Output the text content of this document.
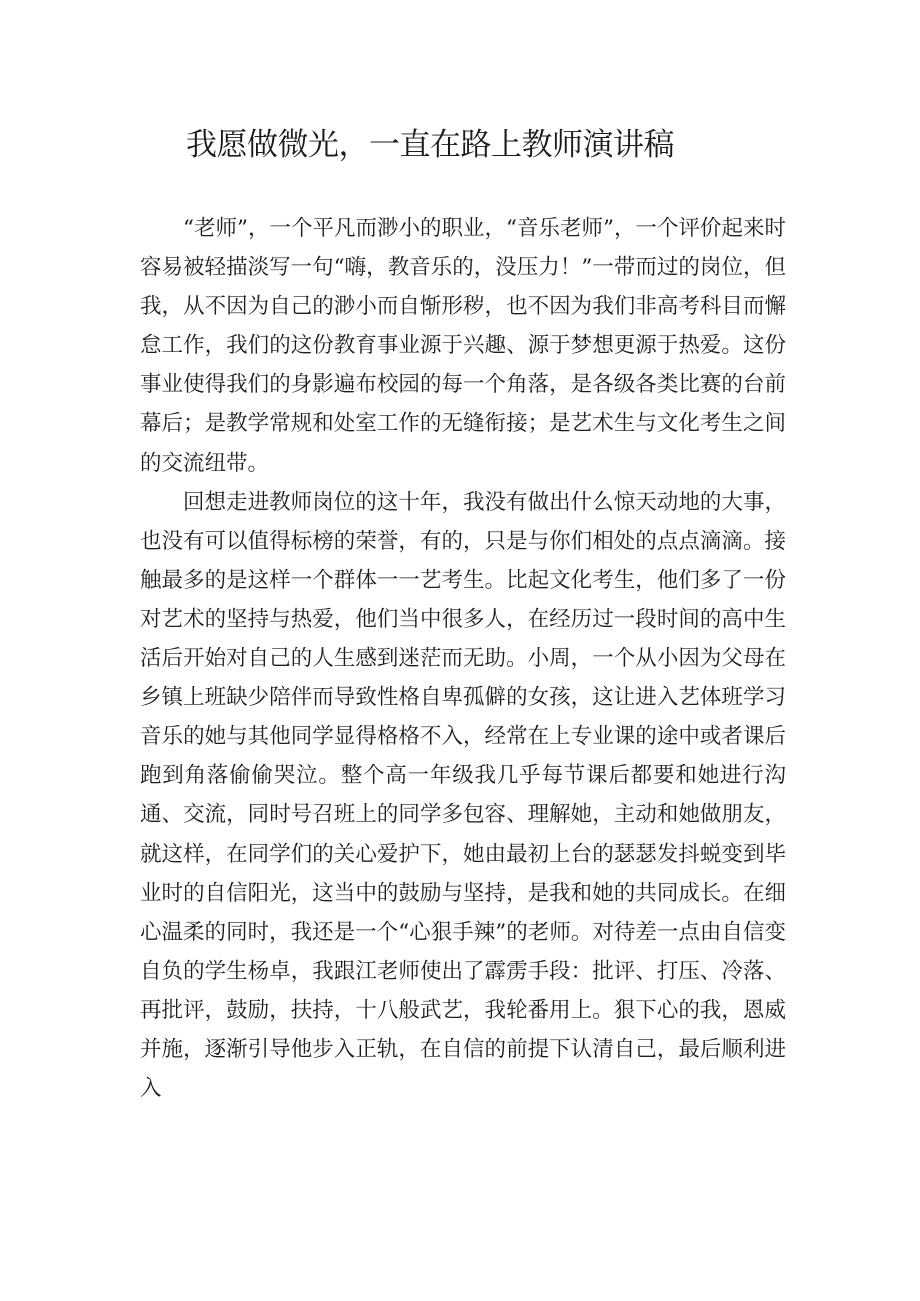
我愿做微光，一直在路上教师演讲稿

“老师”，一个平凡而渺小的职业，“音乐老师”，一个评价起来时容易被轻描淡写一句“嗨，教音乐的，没压力！”一带而过的岗位，但我，从不因为自己的渺小而自惭形秽，也不因为我们非高考科目而懈怠工作，我们的这份教育事业源于兴趣、源于梦想更源于热爱。这份事业使得我们的身影遍布校园的每一个角落，是各级各类比赛的台前幕后；是教学常规和处室工作的无缝衔接；是艺术生与文化考生之间的交流纽带。

回想走进教师岗位的这十年，我没有做出什么惊天动地的大事，也没有可以值得标榜的荣誉，有的，只是与你们相处的点点滴滴。接触最多的是这样一个群体一一艺考生。比起文化考生，他们多了一份对艺术的坚持与热爱，他们当中很多人，在经历过一段时间的高中生活后开始对自己的人生感到迷茫而无助。小周，一个从小因为父母在乡镇上班缺少陪伴而导致性格自卑孤僻的女孩，这让进入艺体班学习音乐的她与其他同学显得格格不入，经常在上专业课的途中或者课后跑到角落偷偷哭泣。整个高一年级我几乎每节课后都要和她进行沟通、交流，同时号召班上的同学多包容、理解她，主动和她做朋友，就这样，在同学们的关心爱护下，她由最初上台的瑟瑟发抖蜕变到毕业时的自信阳光，这当中的鼓励与坚持，是我和她的共同成长。在细心温柔的同时，我还是一个“心狠手辣”的老师。对待差一点由自信变自负的学生杨卓，我跟江老师使出了霹雳手段：批评、打压、冷落、再批评，鼓励，扶持，十八般武艺，我轮番用上。狠下心的我，恩威并施，逐渐引导他步入正轨，在自信的前提下认清自己，最后顺利进入
